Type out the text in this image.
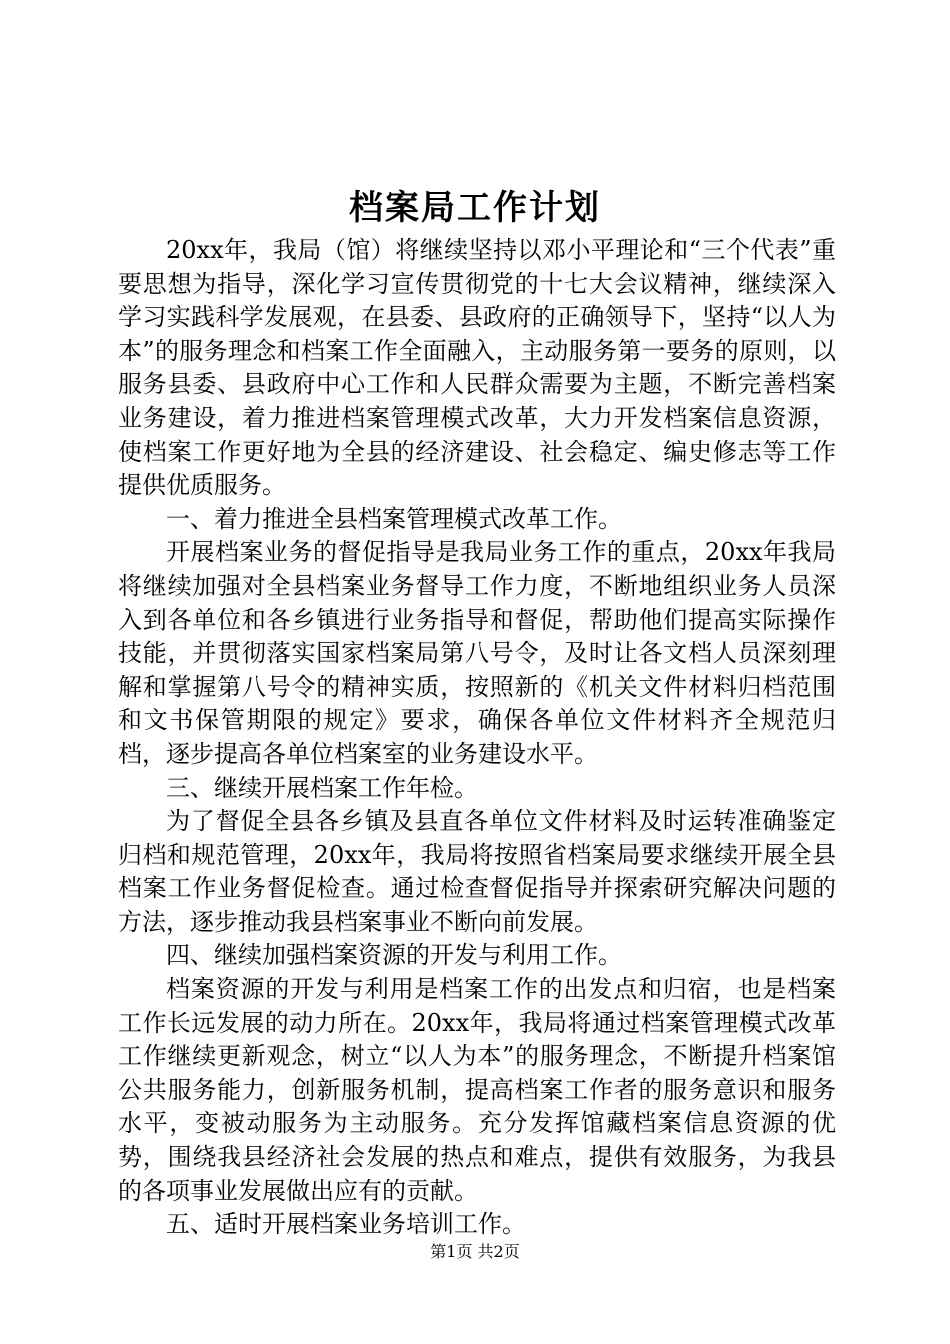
档案局工作计划

20xx年，我局（馆）将继续坚持以邓小平理论和“三个代表”重要思想为指导，深化学习宣传贯彻党的十七大会议精神，继续深入学习实践科学发展观，在县委、县政府的正确领导下，坚持“以人为本”的服务理念和档案工作全面融入，主动服务第一要务的原则，以服务县委、县政府中心工作和人民群众需要为主题，不断完善档案业务建设，着力推进档案管理模式改革，大力开发档案信息资源，使档案工作更好地为全县的经济建设、社会稳定、编史修志等工作提供优质服务。

一、着力推进全县档案管理模式改革工作。

开展档案业务的督促指导是我局业务工作的重点，20xx年我局将继续加强对全县档案业务督导工作力度，不断地组织业务人员深入到各单位和各乡镇进行业务指导和督促，帮助他们提高实际操作技能，并贯彻落实国家档案局第八号令，及时让各文档人员深刻理解和掌握第八号令的精神实质，按照新的《机关文件材料归档范围和文书保管期限的规定》要求，确保各单位文件材料齐全规范归档，逐步提高各单位档案室的业务建设水平。

三、继续开展档案工作年检。

为了督促全县各乡镇及县直各单位文件材料及时运转准确鉴定归档和规范管理，20xx年，我局将按照省档案局要求继续开展全县档案工作业务督促检查。通过检查督促指导并探索研究解决问题的方法，逐步推动我县档案事业不断向前发展。

四、继续加强档案资源的开发与利用工作。

档案资源的开发与利用是档案工作的出发点和归宿，也是档案工作长远发展的动力所在。20xx年，我局将通过档案管理模式改革工作继续更新观念，树立“以人为本”的服务理念，不断提升档案馆公共服务能力，创新服务机制，提高档案工作者的服务意识和服务水平，变被动服务为主动服务。充分发挥馆藏档案信息资源的优势，围绕我县经济社会发展的热点和难点，提供有效服务，为我县的各项事业发展做出应有的贡献。

五、适时开展档案业务培训工作。

第1页 共2页
